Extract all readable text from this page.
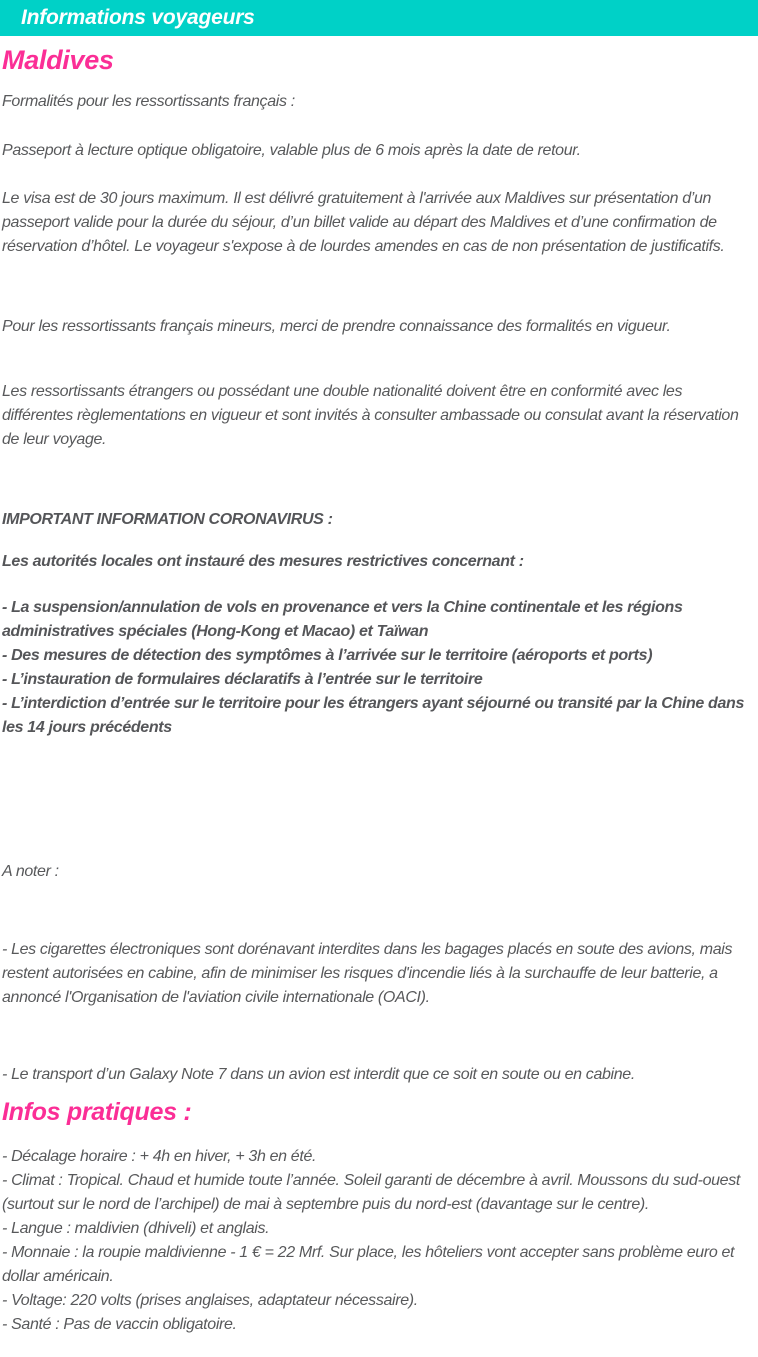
Informations voyageurs
Maldives

Formalités pour les ressortissants français :

Passeport à lecture optique obligatoire, valable plus de 6 mois après la date de retour.

Le visa est de 30 jours maximum. Il est délivré gratuitement à l'arrivée aux Maldives sur présentation d’un passeport valide pour la durée du séjour, d’un billet valide au départ des Maldives et d’une confirmation de réservation d’hôtel. Le voyageur s'expose à de lourdes amendes en cas de non présentation de justificatifs.

Pour les ressortissants français mineurs, merci de prendre connaissance des formalités en vigueur.

Les ressortissants étrangers ou possédant une double nationalité doivent être en conformité avec les différentes règlementations en vigueur et sont invités à consulter ambassade ou consulat avant la réservation de leur voyage.

IMPORTANT INFORMATION CORONAVIRUS :

Les autorités locales ont instauré des mesures restrictives concernant :

- La suspension/annulation de vols en provenance et vers la Chine continentale et les régions administratives spéciales (Hong-Kong et Macao) et Taïwan

- Des mesures de détection des symptômes à l’arrivée sur le territoire (aéroports et ports)

- L’instauration de formulaires déclaratifs à l’entrée sur le territoire

- L’interdiction d’entrée sur le territoire pour les étrangers ayant séjourné ou transité par la Chine dans les 14 jours précédents

A noter :

- Les cigarettes électroniques sont dorénavant interdites dans les bagages placés en soute des avions, mais restent autorisées en cabine, afin de minimiser les risques d'incendie liés à la surchauffe de leur batterie, a annoncé l'Organisation de l'aviation civile internationale (OACI).

- Le transport d’un Galaxy Note 7 dans un avion est interdit que ce soit en soute ou en cabine.

Infos pratiques :

- Décalage horaire : + 4h en hiver, + 3h en été.

- Climat : Tropical. Chaud et humide toute l’année. Soleil garanti de décembre à avril. Moussons du sud-ouest (surtout sur le nord de l’archipel) de mai à septembre puis du nord-est (davantage sur le centre).

- Langue : maldivien (dhiveli) et anglais.

- Monnaie : la roupie maldivienne - 1 € = 22 Mrf. Sur place, les hôteliers vont accepter sans problème euro et dollar américain.

- Voltage: 220 volts (prises anglaises, adaptateur nécessaire).

- Santé : Pas de vaccin obligatoire.
